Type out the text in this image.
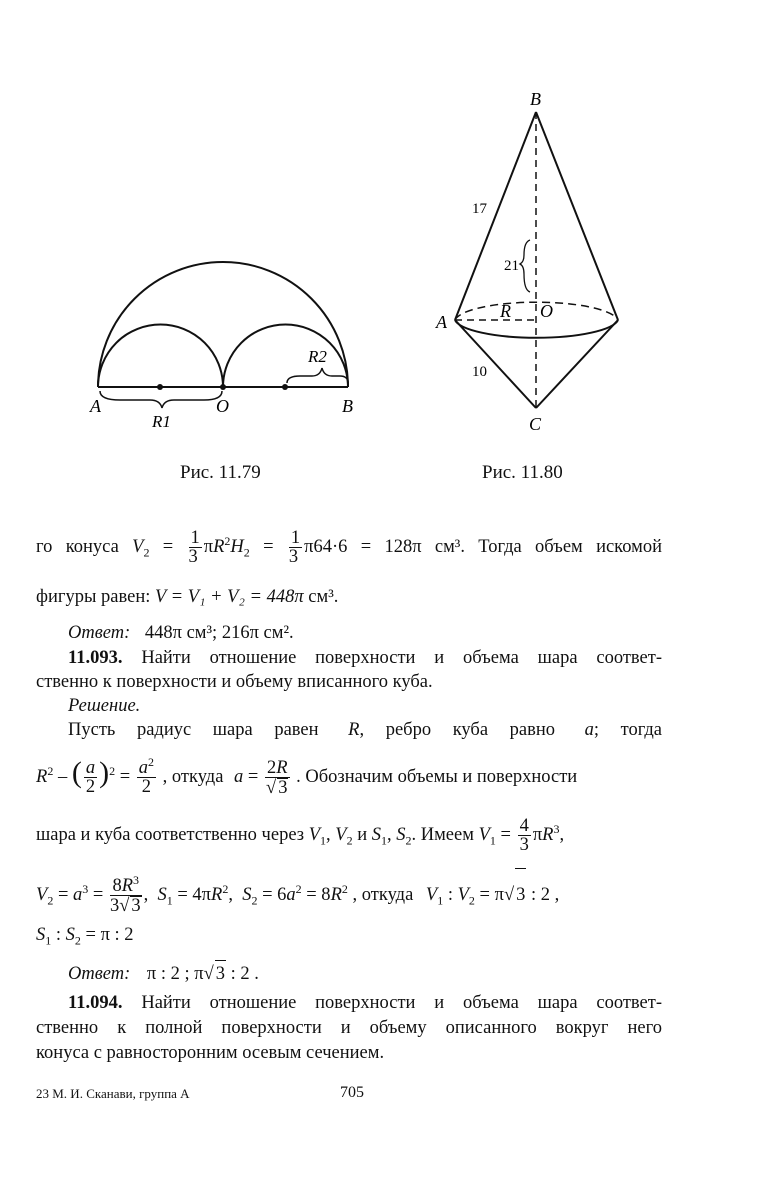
A	O	B
R1
R2
Рис. 11.79
B
A
C
R O
17
21
10
Рис. 11.80
го конуса $V_2 = \frac{1}{3} \pi R^2H_2 = \frac{1}{3} \pi 64\cdot 6 = 128\pi$ см³. Тогда объем искомой
фигуры равен: V = V₁ + V₂ = 448π см³.
Ответ: 448π см³; 216π см².
11.093. Найти отношение поверхности и объема шара соответ-
ственно к поверхности и объему вписанного куба.
Решение.
Пусть радиус шара равен R, ребро куба равно a; тогда
$R^2$ – ( $\frac{a}{2} )^2 = \frac{a^2}{2}$ , откуда $a = \frac{2R}{√ 3}$ . Обозначим объемы и поверхности
шара и куба соответственно через $V_1$, $V_2$ и $S_1$, $S_2$. Имеем $V_1 = \frac{4}{3} \pi R^3$,
$V_2 = a^3 = \frac{8R^3}{3√ 3}$ ,  $S_1 = 4\pi R^2$,  $S_2 = 6a^2 = 8R^2$ , откуда $V_1$ : $V_2 = \pi√$ 3 : 2 ,
$S_1$ : $S_2 = \pi$ : 2
Ответ: π : 2 ; π√ 3 : 2 .
11.094. Найти отношение поверхности и объема шара соответ-
ственно к полной поверхности и объему описанного вокруг него
конуса с равносторонним осевым сечением.
23 М. И. Сканави, группа А	705
